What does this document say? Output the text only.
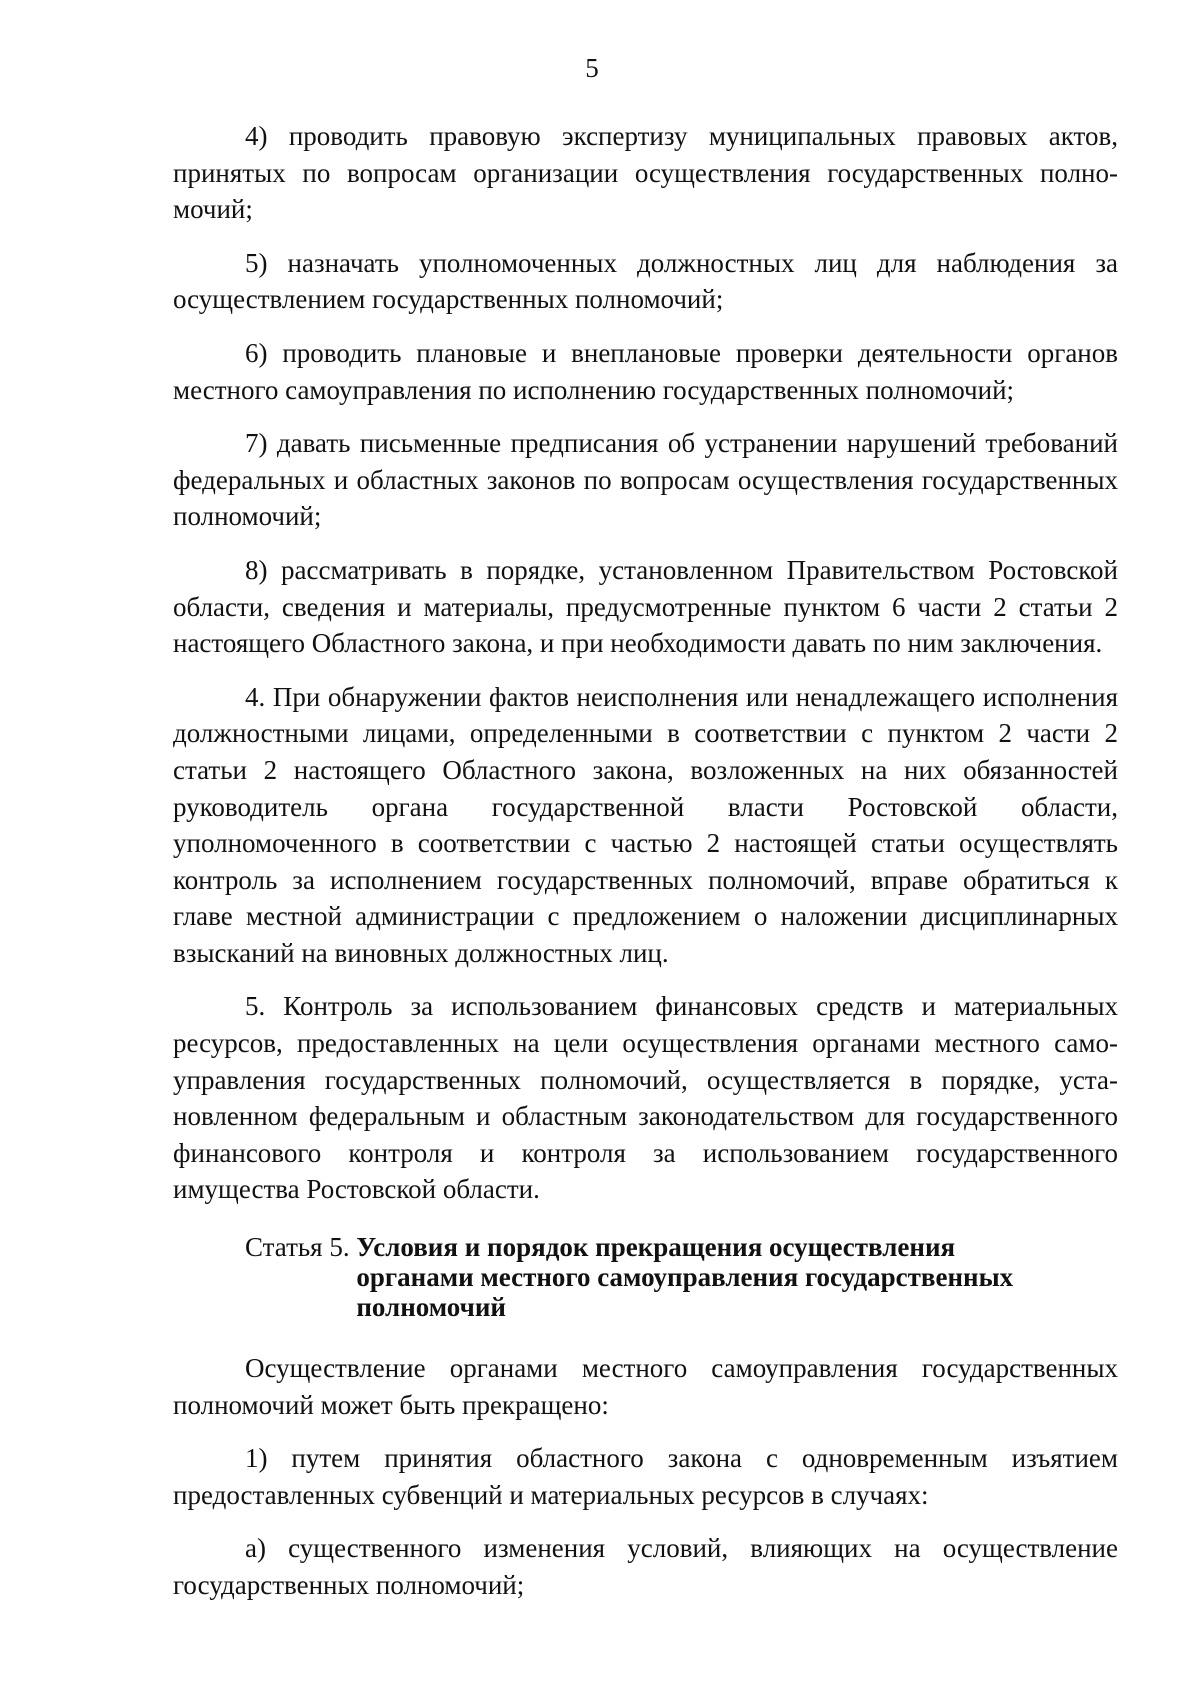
5

4) проводить правовую экспертизу муниципальных правовых актов, принятых по вопросам организации осуществления государственных полномочий;

5) назначать уполномоченных должностных лиц для наблюдения за осуществлением государственных полномочий;

6) проводить плановые и внеплановые проверки деятельности органов местного самоуправления по исполнению государственных полномочий;

7) давать письменные предписания об устранении нарушений требований федеральных и областных законов по вопросам осуществления государственных полномочий;

8) рассматривать в порядке, установленном Правительством Ростовской области, сведения и материалы, предусмотренные пунктом 6 части 2 статьи 2 настоящего Областного закона, и при необходимости давать по ним заключения.

4. При обнаружении фактов неисполнения или ненадлежащего исполнения должностными лицами, определенными в соответствии с пунктом 2 части 2 статьи 2 настоящего Областного закона, возложенных на них обязанностей руководитель органа государственной власти Ростовской области, уполномоченного в соответствии с частью 2 настоящей статьи осуществлять контроль за исполнением государственных полномочий, вправе обратиться к главе местной администрации с предложением о наложении дисциплинарных взысканий на виновных должностных лиц.

5. Контроль за использованием финансовых средств и материальных ресурсов, предоставленных на цели осуществления органами местного самоуправления государственных полномочий, осуществляется в порядке, установленном федеральным и областным законодательством для государственного финансового контроля и контроля за использованием государственного имущества Ростовской области.

Статья 5. Условия и порядок прекращения осуществления органами местного самоуправления государственных полномочий

Осуществление органами местного самоуправления государственных полномочий может быть прекращено:

1) путем принятия областного закона с одновременным изъятием предоставленных субвенций и материальных ресурсов в случаях:

а) существенного изменения условий, влияющих на осуществление государственных полномочий;
